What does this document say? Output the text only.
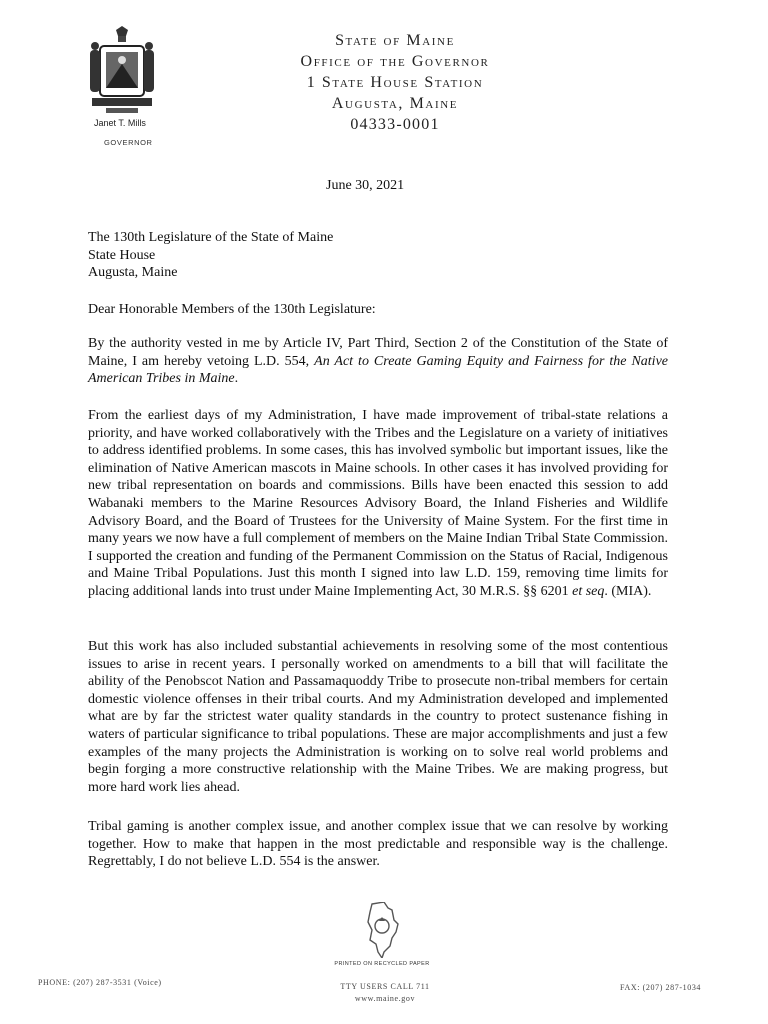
Janet T. Mills
GOVERNOR
State of Maine
Office of the Governor
1 State House Station
Augusta, Maine
04333-0001
June 30, 2021
The 130th Legislature of the State of Maine
State House
Augusta, Maine
Dear Honorable Members of the 130th Legislature:

By the authority vested in me by Article IV, Part Third, Section 2 of the Constitution of the State of Maine, I am hereby vetoing L.D. 554, An Act to Create Gaming Equity and Fairness for the Native American Tribes in Maine.

From the earliest days of my Administration, I have made improvement of tribal-state relations a priority, and have worked collaboratively with the Tribes and the Legislature on a variety of initiatives to address identified problems. In some cases, this has involved symbolic but important issues, like the elimination of Native American mascots in Maine schools. In other cases it has involved providing for new tribal representation on boards and commissions. Bills have been enacted this session to add Wabanaki members to the Marine Resources Advisory Board, the Inland Fisheries and Wildlife Advisory Board, and the Board of Trustees for the University of Maine System. For the first time in many years we now have a full complement of members on the Maine Indian Tribal State Commission. I supported the creation and funding of the Permanent Commission on the Status of Racial, Indigenous and Maine Tribal Populations. Just this month I signed into law L.D. 159, removing time limits for placing additional lands into trust under Maine Implementing Act, 30 M.R.S. §§ 6201 et seq. (MIA).

But this work has also included substantial achievements in resolving some of the most contentious issues to arise in recent years. I personally worked on amendments to a bill that will facilitate the ability of the Penobscot Nation and Passamaquoddy Tribe to prosecute non-tribal members for certain domestic violence offenses in their tribal courts. And my Administration developed and implemented what are by far the strictest water quality standards in the country to protect sustenance fishing in waters of particular significance to tribal populations. These are major accomplishments and just a few examples of the many projects the Administration is working on to solve real world problems and begin forging a more constructive relationship with the Maine Tribes. We are making progress, but more hard work lies ahead.

Tribal gaming is another complex issue, and another complex issue that we can resolve by working together. How to make that happen in the most predictable and responsible way is the challenge. Regrettably, I do not believe L.D. 554 is the answer.

PRINTED ON RECYCLED PAPER
PHONE: (207) 287-3531 (Voice)	TTY USERS CALL 711
www.maine.gov
FAX: (207) 287-1034
